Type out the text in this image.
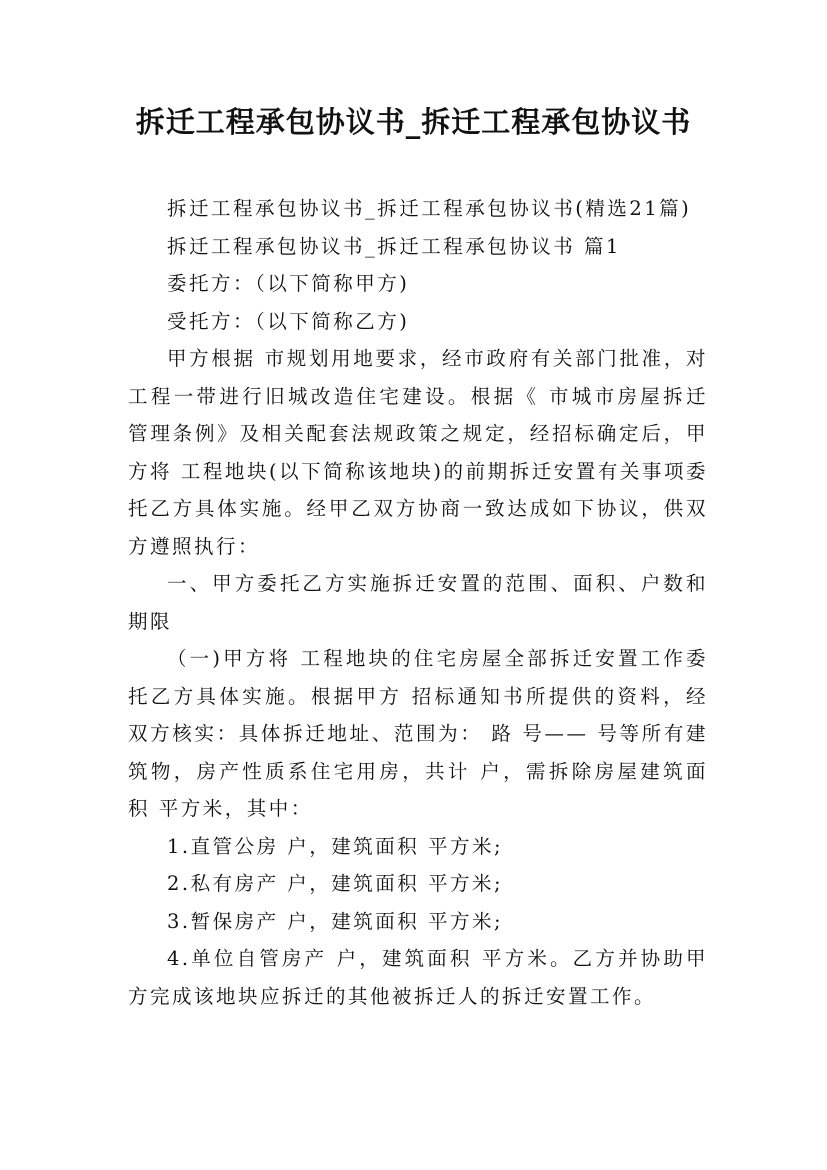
拆迁工程承包协议书_拆迁工程承包协议书

拆迁工程承包协议书_拆迁工程承包协议书(精选21篇)

拆迁工程承包协议书_拆迁工程承包协议书 篇1

委托方：（以下简称甲方)

受托方：（以下简称乙方)

甲方根据 市规划用地要求，经市政府有关部门批准，对 工程一带进行旧城改造住宅建设。根据《 市城市房屋拆迁管理条例》及相关配套法规政策之规定，经招标确定后，甲方将 工程地块(以下简称该地块)的前期拆迁安置有关事项委托乙方具体实施。经甲乙双方协商一致达成如下协议，供双方遵照执行：

一、甲方委托乙方实施拆迁安置的范围、面积、户数和期限

（一)甲方将 工程地块的住宅房屋全部拆迁安置工作委托乙方具体实施。根据甲方 招标通知书所提供的资料，经双方核实：具体拆迁地址、范围为： 路 号—— 号等所有建筑物，房产性质系住宅用房，共计 户，需拆除房屋建筑面积 平方米，其中：

1.直管公房 户，建筑面积 平方米;

2.私有房产 户，建筑面积 平方米;

3.暂保房产 户，建筑面积 平方米;

4.单位自管房产 户，建筑面积 平方米。乙方并协助甲方完成该地块应拆迁的其他被拆迁人的拆迁安置工作。
